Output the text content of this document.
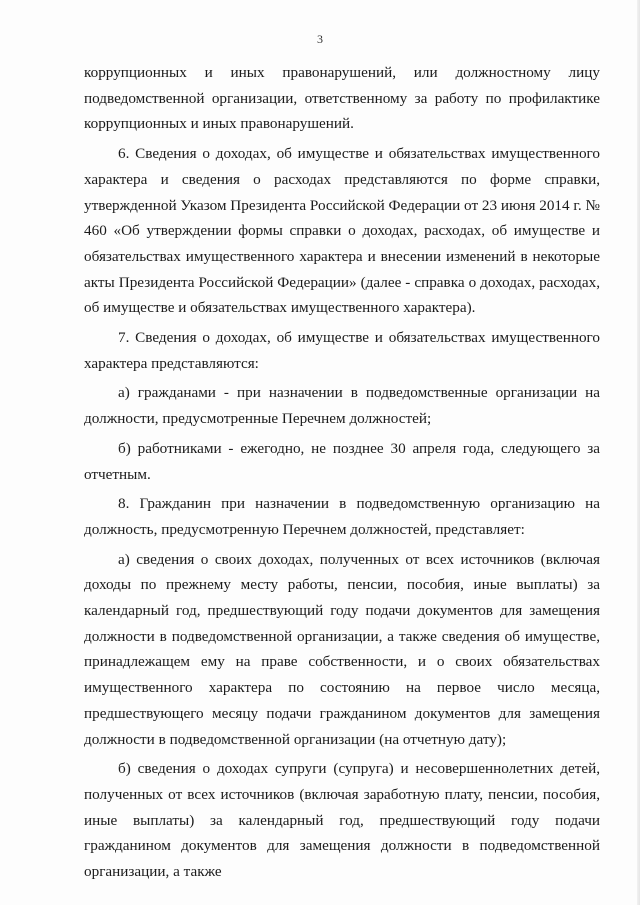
3

коррупционных и иных правонарушений, или должностному лицу подведомственной организации, ответственному за работу по профилактике коррупционных и иных правонарушений.

6. Сведения о доходах, об имуществе и обязательствах имущественного характера и сведения о расходах представляются по форме справки, утвержденной Указом Президента Российской Федерации от 23 июня 2014 г. № 460 «Об утверждении формы справки о доходах, расходах, об имуществе и обязательствах имущественного характера и внесении изменений в некоторые акты Президента Российской Федерации» (далее - справка о доходах, расходах, об имуществе и обязательствах имущественного характера).

7. Сведения о доходах, об имуществе и обязательствах имущественного характера представляются:

а) гражданами - при назначении в подведомственные организации на должности, предусмотренные Перечнем должностей;

б) работниками - ежегодно, не позднее 30 апреля года, следующего за отчетным.

8. Гражданин при назначении в подведомственную организацию на должность, предусмотренную Перечнем должностей, представляет:

а) сведения о своих доходах, полученных от всех источников (включая доходы по прежнему месту работы, пенсии, пособия, иные выплаты) за календарный год, предшествующий году подачи документов для замещения должности в подведомственной организации, а также сведения об имуществе, принадлежащем ему на праве собственности, и о своих обязательствах имущественного характера по состоянию на первое число месяца, предшествующего месяцу подачи гражданином документов для замещения должности в подведомственной организации (на отчетную дату);

б) сведения о доходах супруги (супруга) и несовершеннолетних детей, полученных от всех источников (включая заработную плату, пенсии, пособия, иные выплаты) за календарный год, предшествующий году подачи гражданином документов для замещения должности в подведомственной организации, а также
